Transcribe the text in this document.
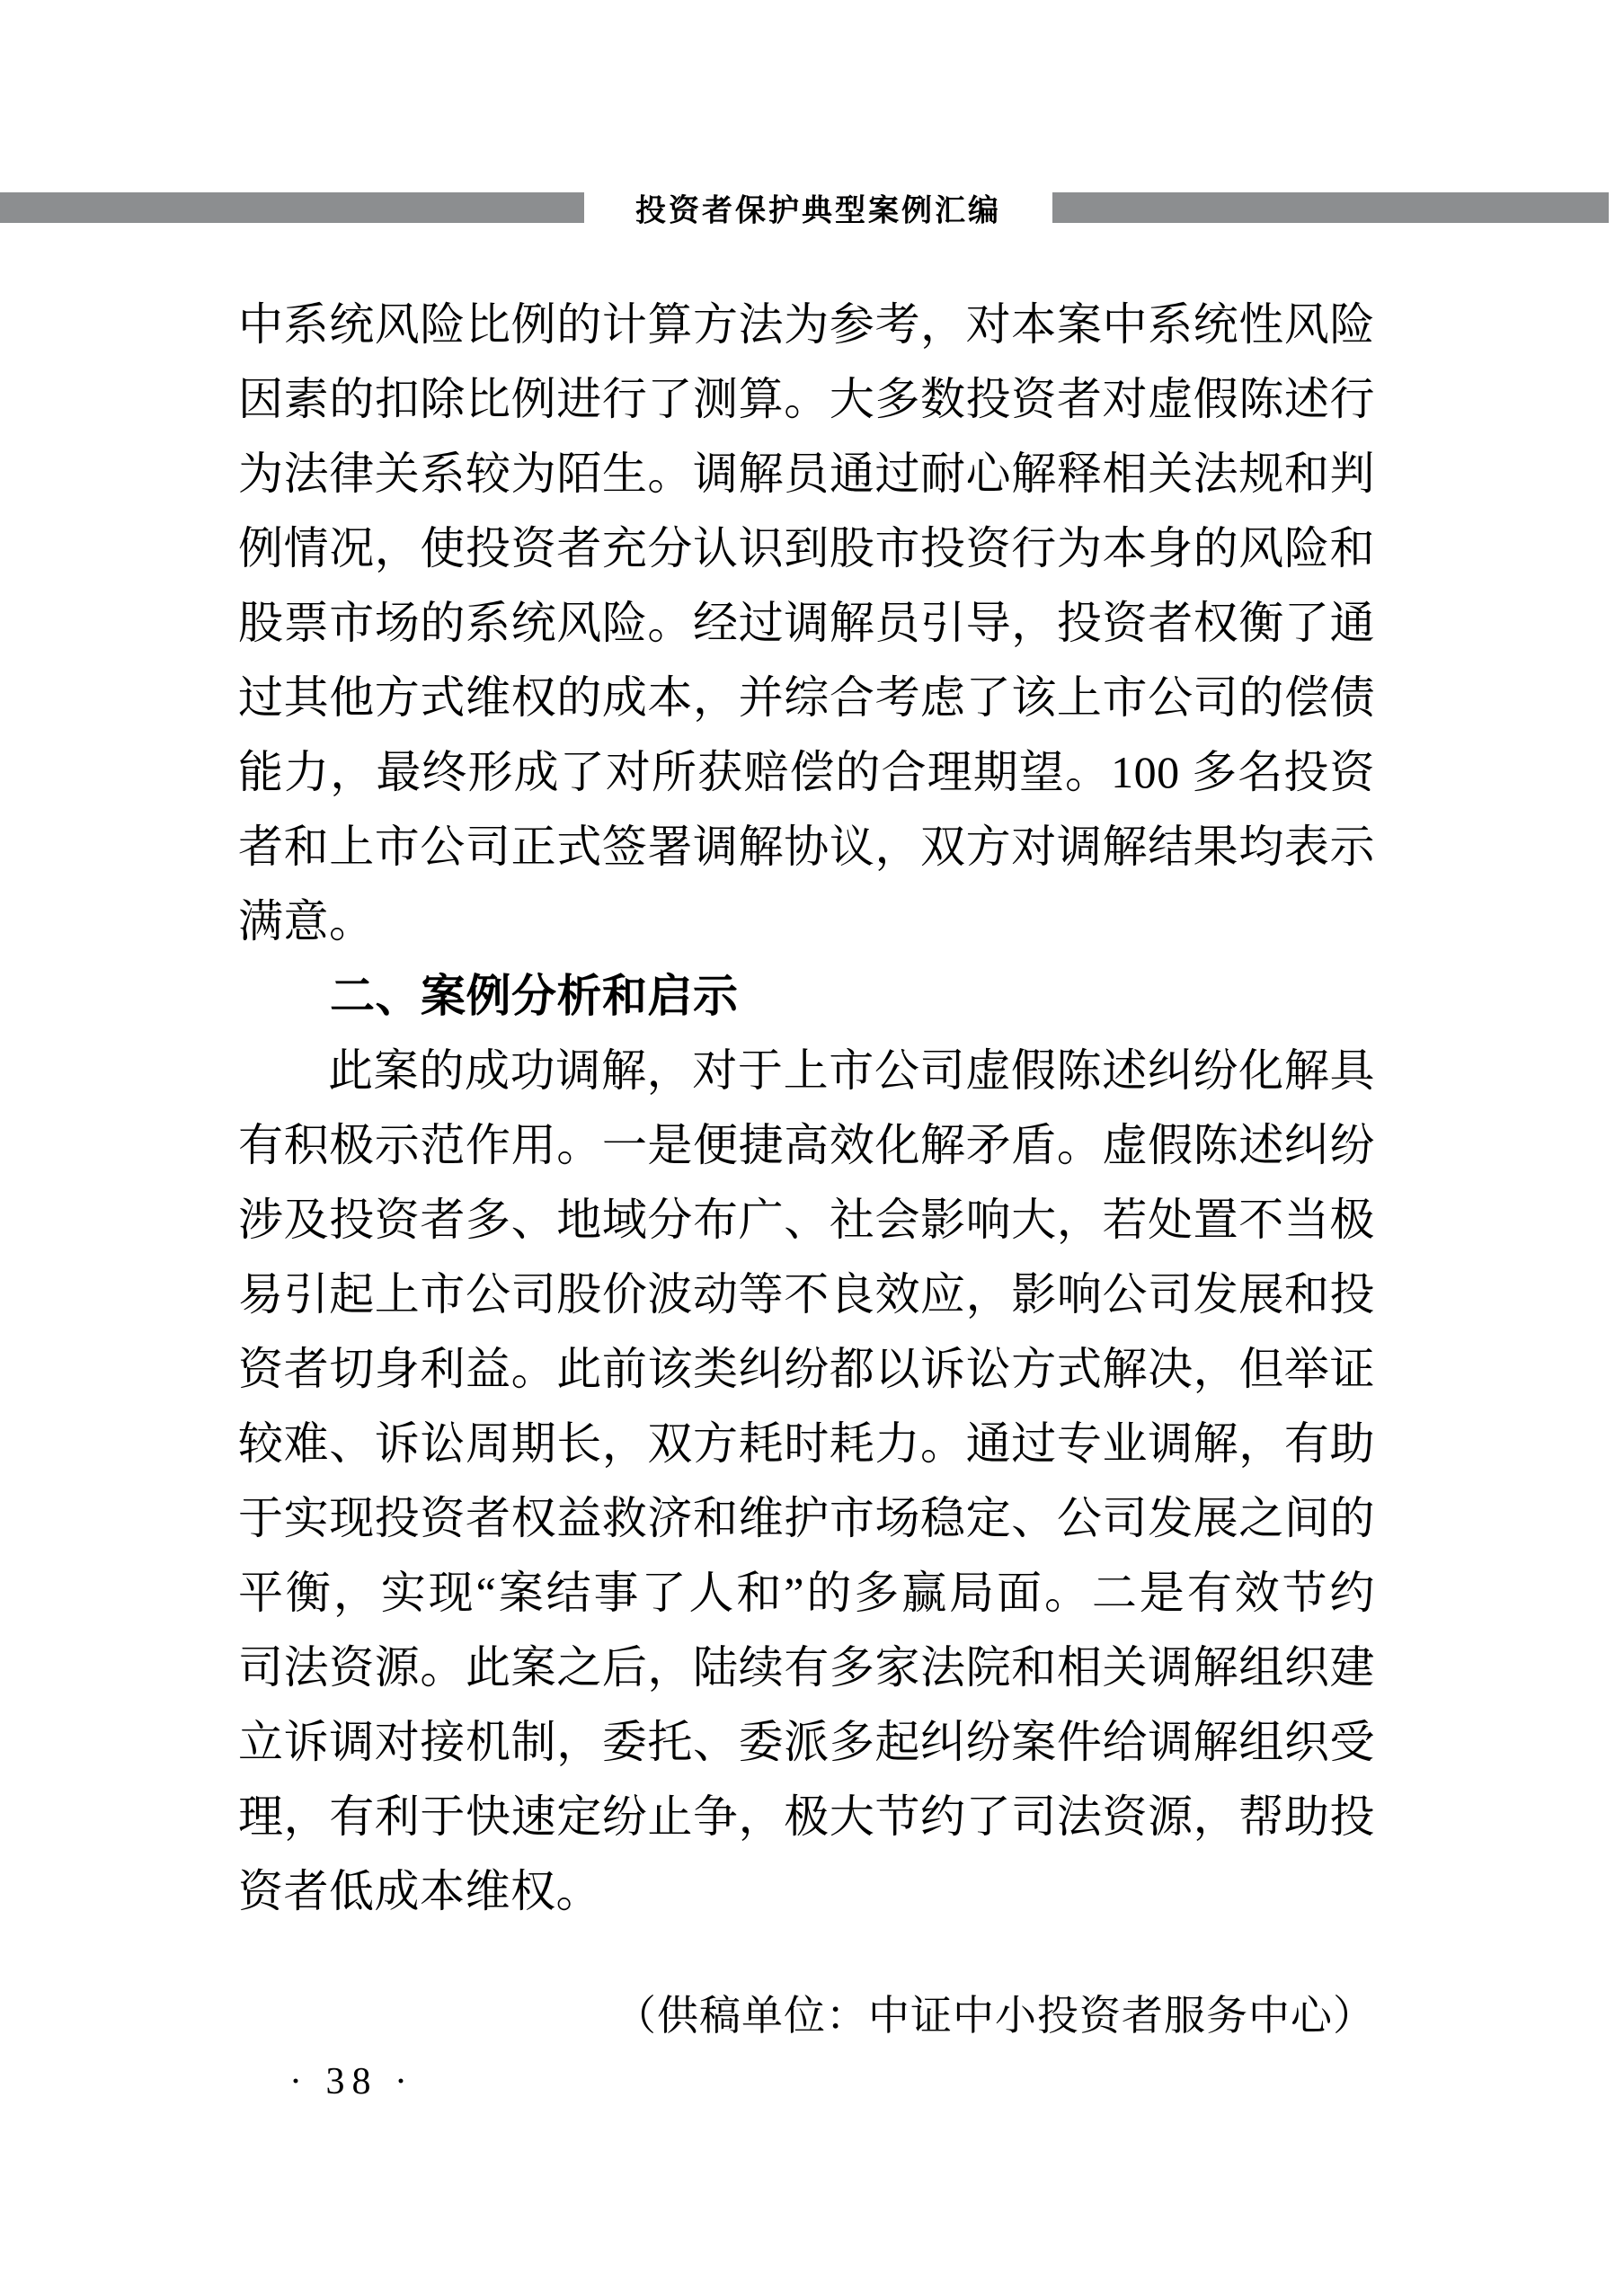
投资者保护典型案例汇编
中系统风险比例的计算方法为参考，对本案中系统性风险
因素的扣除比例进行了测算。大多数投资者对虚假陈述行
为法律关系较为陌生。调解员通过耐心解释相关法规和判
例情况，使投资者充分认识到股市投资行为本身的风险和
股票市场的系统风险。经过调解员引导，投资者权衡了通
过其他方式维权的成本，并综合考虑了该上市公司的偿债
能力，最终形成了对所获赔偿的合理期望。100 多名投资
者和上市公司正式签署调解协议，双方对调解结果均表示
满意。
二、案例分析和启示
此案的成功调解，对于上市公司虚假陈述纠纷化解具
有积极示范作用。一是便捷高效化解矛盾。虚假陈述纠纷
涉及投资者多、地域分布广、社会影响大，若处置不当极
易引起上市公司股价波动等不良效应，影响公司发展和投
资者切身利益。此前该类纠纷都以诉讼方式解决，但举证
较难、诉讼周期长，双方耗时耗力。通过专业调解，有助
于实现投资者权益救济和维护市场稳定、公司发展之间的
平衡，实现“案结事了人和”的多赢局面。二是有效节约
司法资源。此案之后，陆续有多家法院和相关调解组织建
立诉调对接机制，委托、委派多起纠纷案件给调解组织受
理，有利于快速定纷止争，极大节约了司法资源，帮助投
资者低成本维权。
（供稿单位：中证中小投资者服务中心）
· 38 ·
